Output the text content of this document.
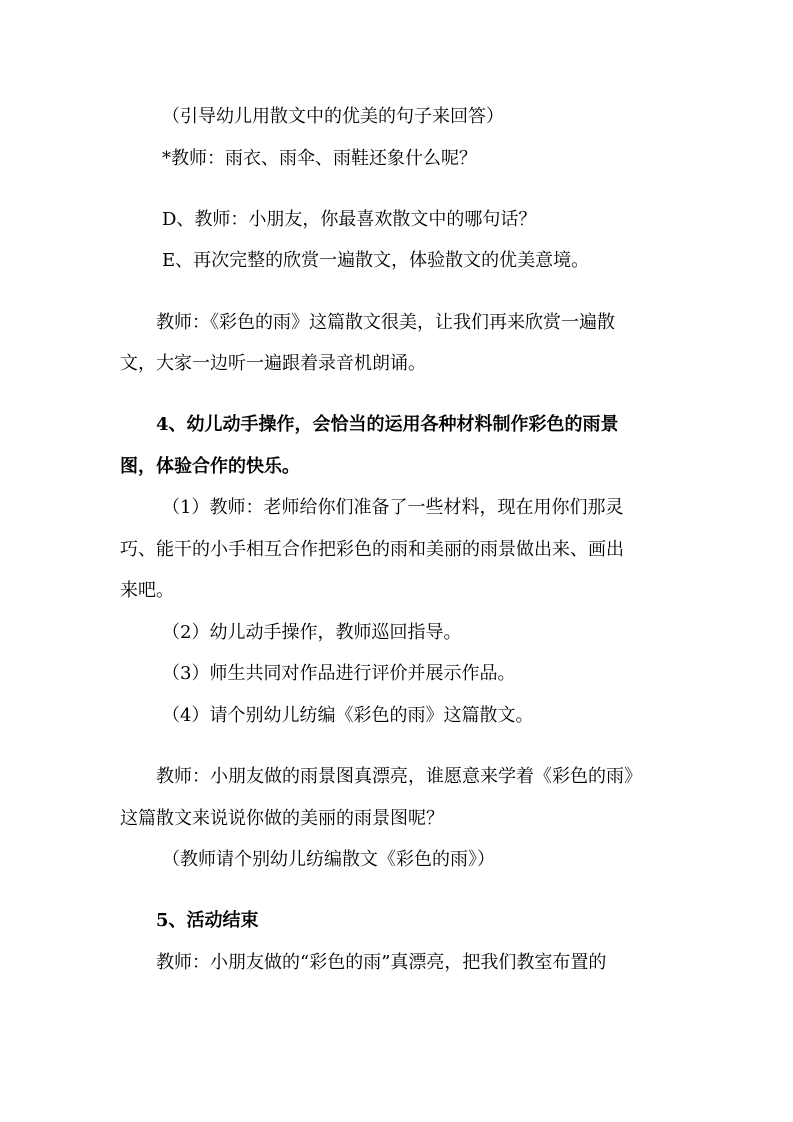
（引导幼儿用散文中的优美的句子来回答）
*教师：雨衣、雨伞、雨鞋还象什么呢？
D、教师：小朋友，你最喜欢散文中的哪句话？
E、再次完整的欣赏一遍散文，体验散文的优美意境。
教师：《彩色的雨》这篇散文很美，让我们再来欣赏一遍散
文，大家一边听一遍跟着录音机朗诵。
4、幼儿动手操作，会恰当的运用各种材料制作彩色的雨景
图，体验合作的快乐。
（1）教师：老师给你们准备了一些材料，现在用你们那灵
巧、能干的小手相互合作把彩色的雨和美丽的雨景做出来、画出
来吧。
（2）幼儿动手操作，教师巡回指导。
（3）师生共同对作品进行评价并展示作品。
（4）请个别幼儿纺编《彩色的雨》这篇散文。
教师：小朋友做的雨景图真漂亮，谁愿意来学着《彩色的雨》
这篇散文来说说你做的美丽的雨景图呢？
（教师请个别幼儿纺编散文《彩色的雨》）
5、活动结束
教师：小朋友做的“彩色的雨”真漂亮，把我们教室布置的
